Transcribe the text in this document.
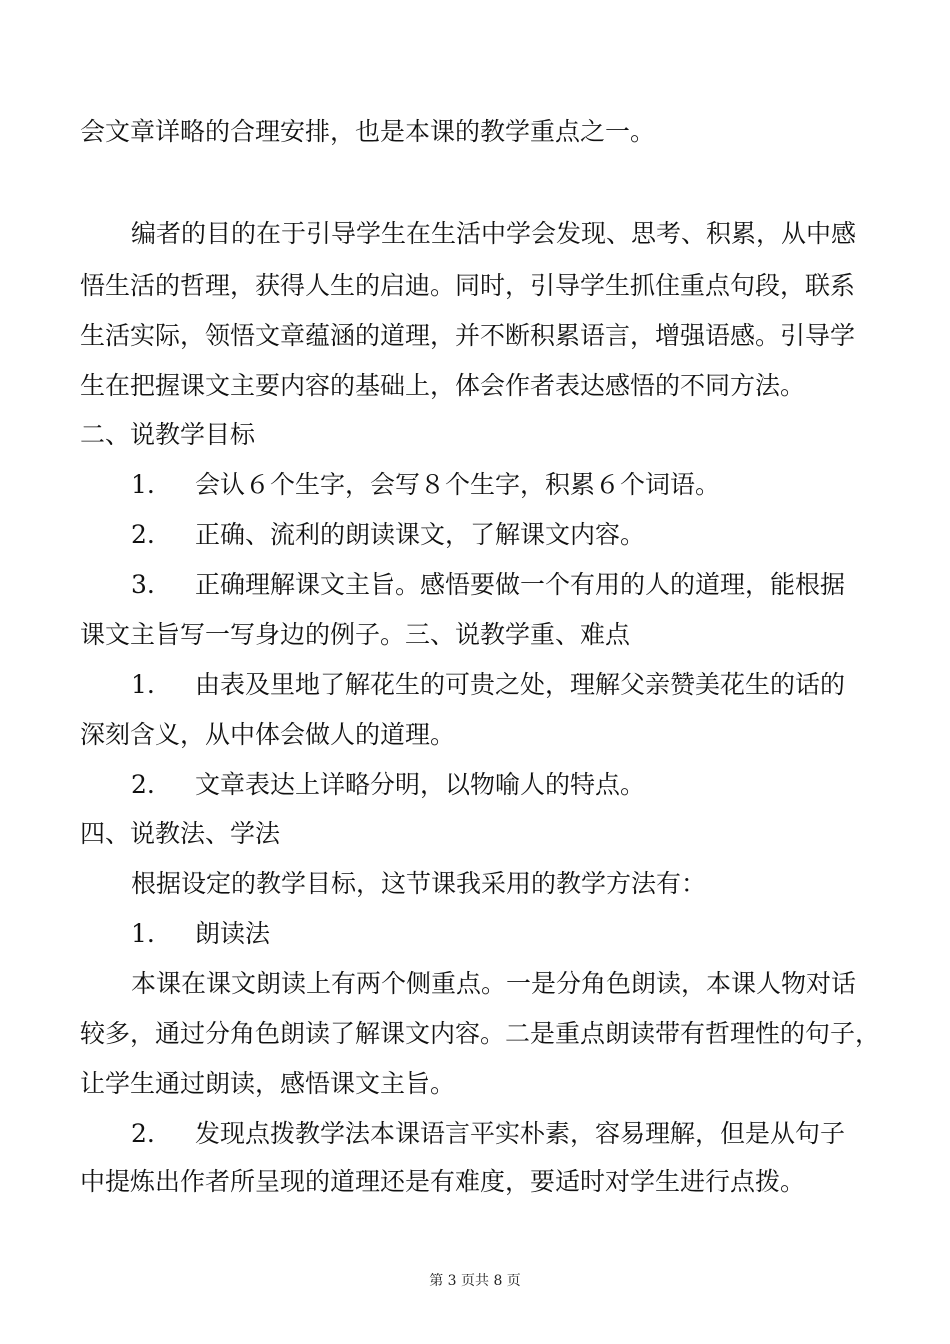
会文章详略的合理安排，也是本课的教学重点之一。
编者的目的在于引导学生在生活中学会发现、思考、积累，从中感
悟生活的哲理，获得人生的启迪。同时，引导学生抓住重点句段，联系
生活实际，领悟文章蕴涵的道理，并不断积累语言，增强语感。引导学
生在把握课文主要内容的基础上，体会作者表达感悟的不同方法。
二、说教学目标
1. 会认６个生字，会写８个生字，积累６个词语。
2. 正确、流利的朗读课文，了解课文内容。
3. 正确理解课文主旨。感悟要做一个有用的人的道理，能根据
课文主旨写一写身边的例子。三、说教学重、难点
1. 由表及里地了解花生的可贵之处，理解父亲赞美花生的话的
深刻含义，从中体会做人的道理。
2. 文章表达上详略分明，以物喻人的特点。
四、说教法、学法
根据设定的教学目标，这节课我采用的教学方法有：
1. 朗读法
本课在课文朗读上有两个侧重点。一是分角色朗读，本课人物对话
较多，通过分角色朗读了解课文内容。二是重点朗读带有哲理性的句子，
让学生通过朗读，感悟课文主旨。
2. 发现点拨教学法本课语言平实朴素，容易理解，但是从句子
中提炼出作者所呈现的道理还是有难度，要适时对学生进行点拨。
第 3 页共 8 页
